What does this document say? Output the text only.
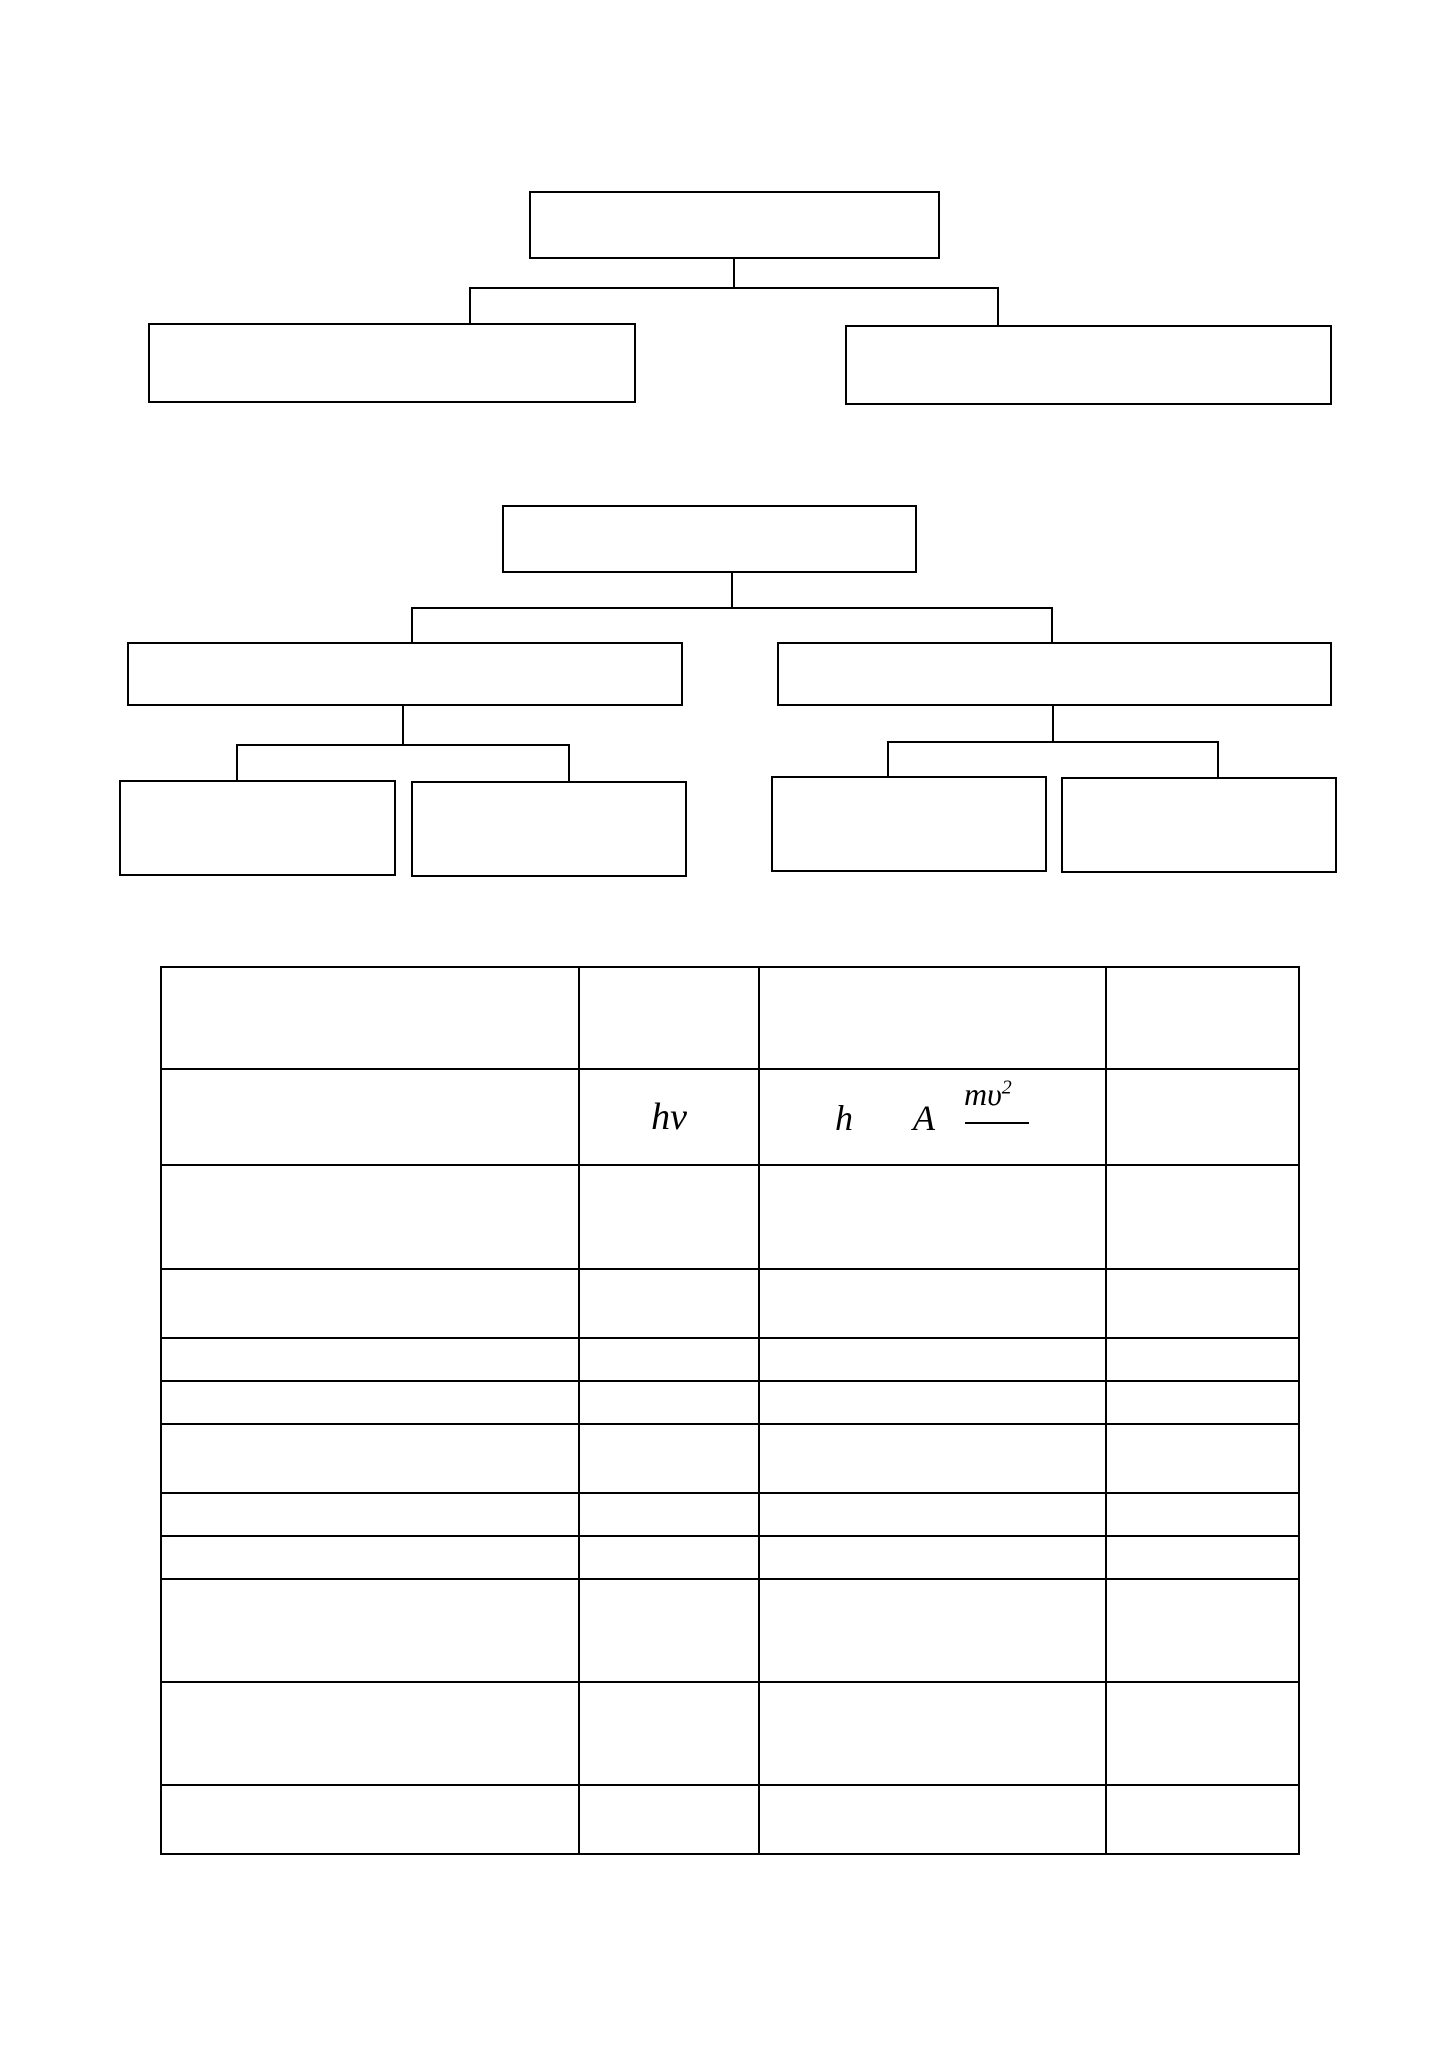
	hν	h A
$m\upsilon^2$
